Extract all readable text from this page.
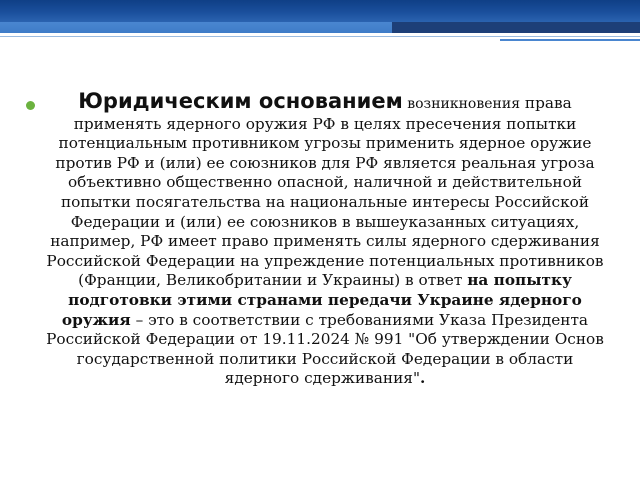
Юридическим основанием возникновения права применять ядерного оружия РФ в целях пресечения попытки потенциальным противником угрозы применить ядерное оружие против РФ и (или) ее союзников для РФ является реальная угроза объективно общественно опасной, наличной и действительной попытки посягательства на национальные интересы Российской Федерации и (или) ее союзников в вышеуказанных ситуациях, например, РФ имеет право применять силы ядерного сдерживания Российской Федерации на упреждение потенциальных противников (Франции, Великобритании и Украины) в ответ на попытку подготовки этими странами передачи Украине ядерного оружия – это в соответствии с требованиями Указа Президента Российской Федерации от 19.11.2024 № 991 "Об утверждении Основ государственной политики Российской Федерации в области ядерного сдерживания".
